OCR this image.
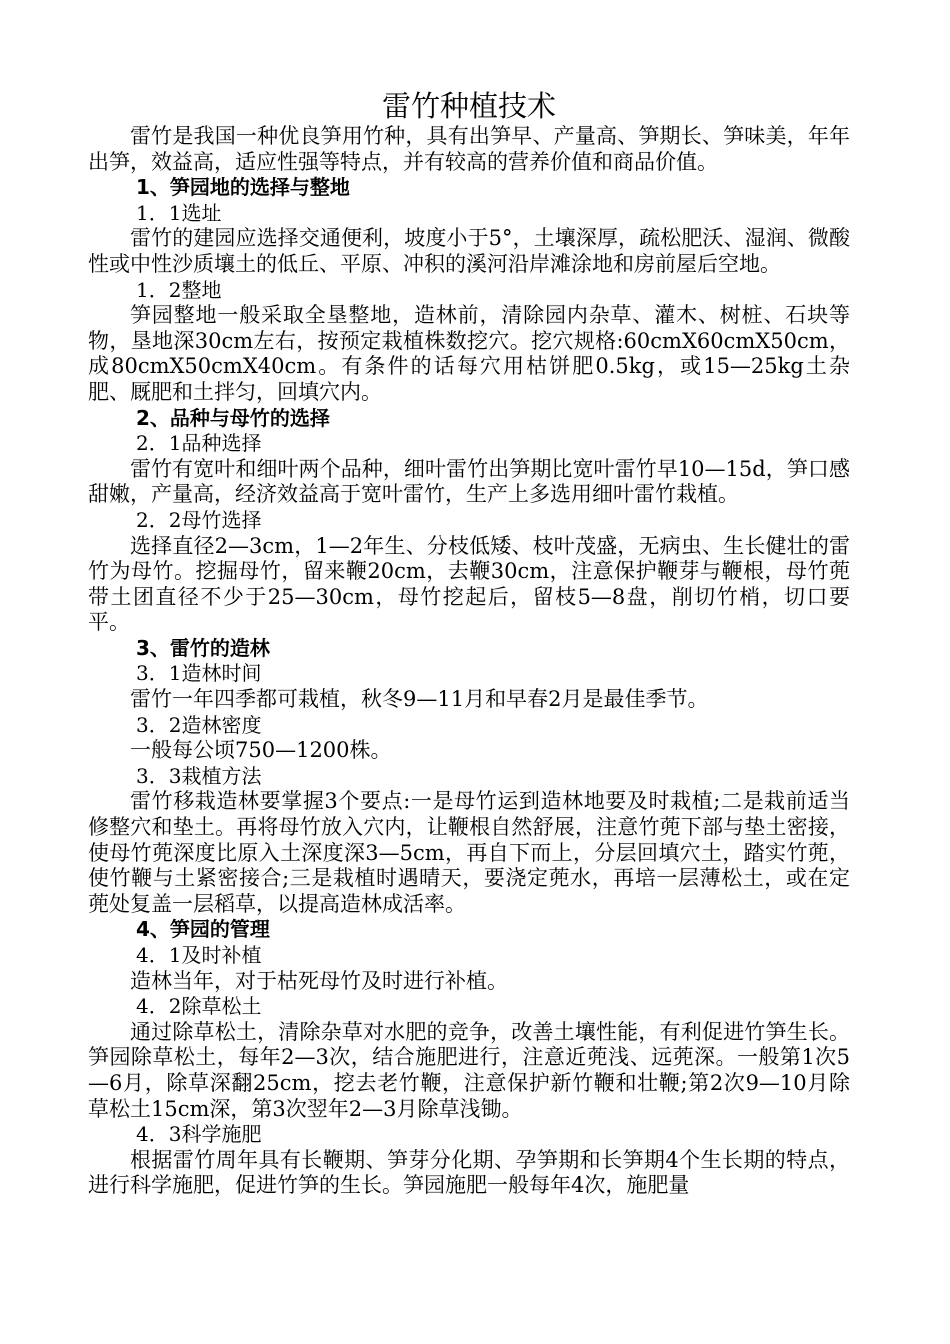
雷竹种植技术

雷竹是我国一种优良笋用竹种，具有出笋早、产量高、笋期长、笋味美，年年出笋，效益高，适应性强等特点，并有较高的营养价值和商品价值。

1、笋园地的选择与整地

1．1选址

雷竹的建园应选择交通便利，坡度小于5°，土壤深厚，疏松肥沃、湿润、微酸性或中性沙质壤土的低丘、平原、冲积的溪河沿岸滩涂地和房前屋后空地。

1．2整地

笋园整地一般采取全垦整地，造林前，清除园内杂草、灌木、树桩、石块等物，垦地深30cm左右，按预定栽植株数挖穴。挖穴规格:60cmX60cmX50cm，成80cmX50cmX40cm。有条件的话每穴用枯饼肥0.5kg，或15—25kg土杂肥、厩肥和土拌匀，回填穴内。

2、品种与母竹的选择

2．1品种选择

雷竹有宽叶和细叶两个品种，细叶雷竹出笋期比宽叶雷竹早10—15d，笋口感甜嫩，产量高，经济效益高于宽叶雷竹，生产上多选用细叶雷竹栽植。

2．2母竹选择

选择直径2—3cm，1—2年生、分枝低矮、枝叶茂盛，无病虫、生长健壮的雷竹为母竹。挖掘母竹，留来鞭20cm，去鞭30cm，注意保护鞭芽与鞭根，母竹蔸带土团直径不少于25—30cm，母竹挖起后，留枝5—8盘，削切竹梢，切口要平。

3、雷竹的造林

3．1造林时间

雷竹一年四季都可栽植，秋冬9—11月和早春2月是最佳季节。

3．2造林密度

一般每公顷750—1200株。

3．3栽植方法

雷竹移栽造林要掌握3个要点:一是母竹运到造林地要及时栽植;二是栽前适当修整穴和垫土。再将母竹放入穴内，让鞭根自然舒展，注意竹蔸下部与垫土密接，使母竹蔸深度比原入土深度深3—5cm，再自下而上，分层回填穴土，踏实竹蔸，使竹鞭与土紧密接合;三是栽植时遇晴天，要浇定蔸水，再培一层薄松土，或在定蔸处复盖一层稻草，以提高造林成活率。

4、笋园的管理

4．1及时补植

造林当年，对于枯死母竹及时进行补植。

4．2除草松土

通过除草松土，清除杂草对水肥的竞争，改善土壤性能，有利促进竹笋生长。笋园除草松土，每年2—3次，结合施肥进行，注意近蔸浅、远蔸深。一般第1次5—6月，除草深翻25cm，挖去老竹鞭，注意保护新竹鞭和壮鞭;第2次9—10月除草松土15cm深，第3次翌年2—3月除草浅锄。

4．3科学施肥

根据雷竹周年具有长鞭期、笋芽分化期、孕笋期和长笋期4个生长期的特点，进行科学施肥，促进竹笋的生长。笋园施肥一般每年4次，施肥量
